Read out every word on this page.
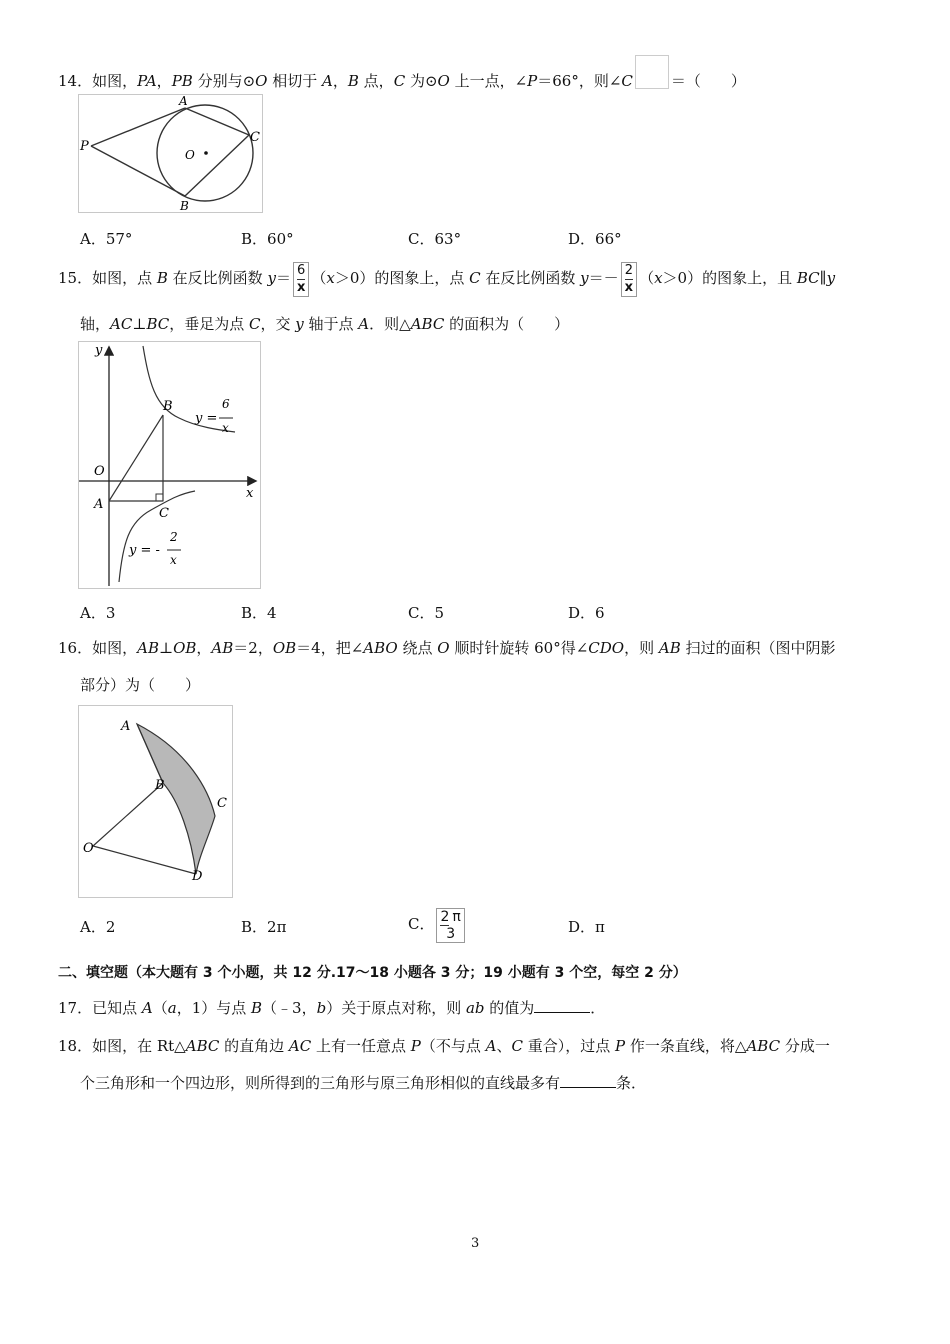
14．如图，PA，PB 分别与⊙O 相切于 A，B 点，C 为⊙O 上一点，∠P＝66°，则∠C	＝（　　）
A
P
O
C
B
A．57°	B．60°	C．63°	D．66°
15．如图，点 B 在反比例函数 $y= \frac{6}{x} (x>0)$的图象上，点 C 在反比例函数 $y=- \frac{2}{x} (x>0)$的图象上，且 BC∥y
轴，AC⊥BC，垂足为点 C，交 y 轴于点 A．则△ABC 的面积为（　　）
y
x
O
A
B
C
y =
6
x
y = -
2
x
A．3	B．4	C．5	D．6
16．如图，AB⊥OB，AB＝2，OB＝4，把∠ABO 绕点 O 顺时针旋转 60°得∠CDO，则 AB 扫过的面积（图中阴影
部分）为（　　）
A
B
C
O
D
A．2	B．2π	C． 2 π
3	D．π
二、填空题（本大题有 3 个小题，共 12 分.17～18 小题各 3 分；19 小题有 3 个空，每空 2 分）
17．已知点 A（a，1）与点 B（﹣3，b）关于原点对称，则 ab 的值为	．
18．如图，在 Rt△ABC 的直角边 AC 上有一任意点 P（不与点 A、C 重合），过点 P 作一条直线，将△ABC 分成一
个三角形和一个四边形，则所得到的三角形与原三角形相似的直线最多有	条．
3
